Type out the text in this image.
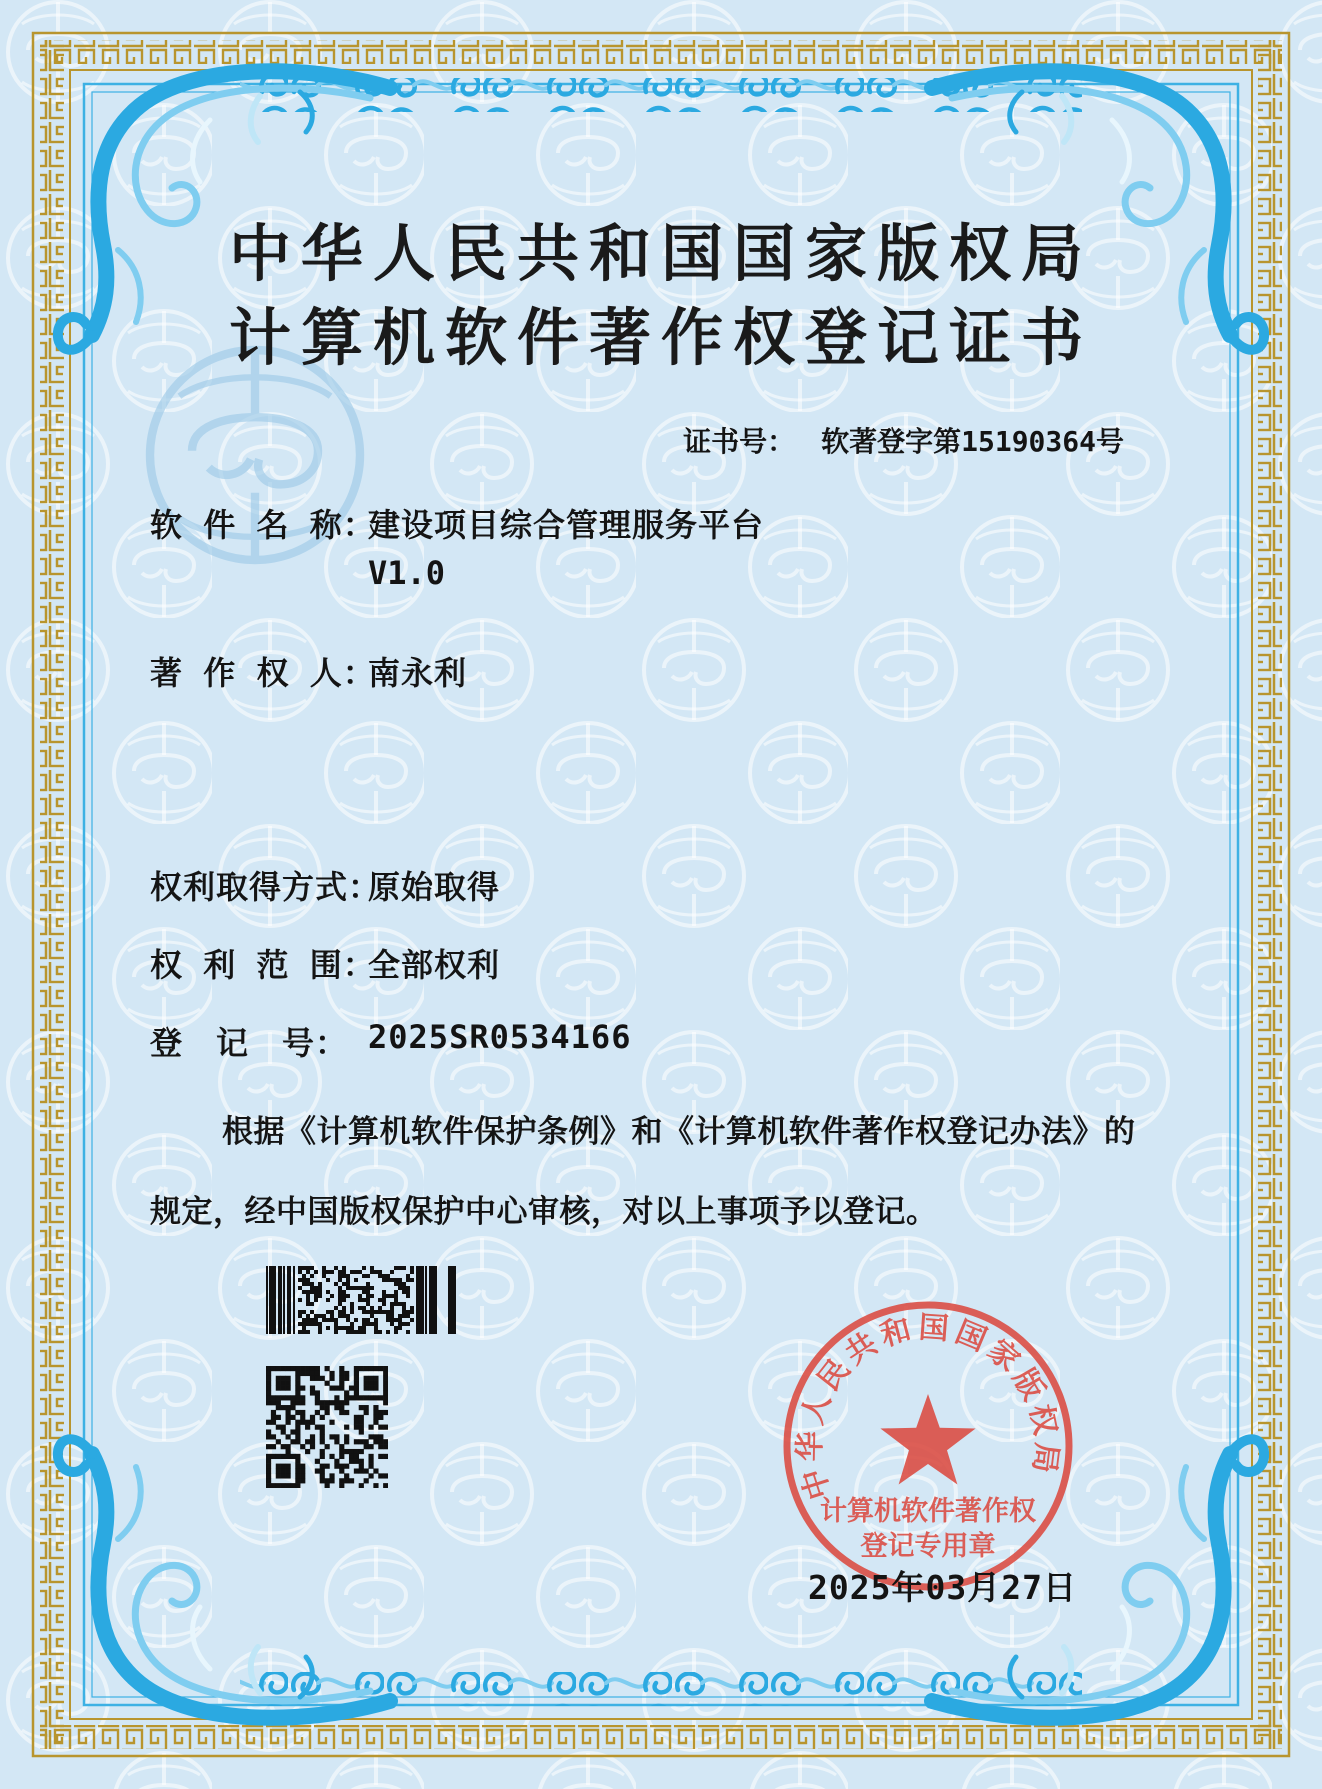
中华人民共和国国家版权局
计算机软件著作权登记证书
证书号： 软著登字第15190364号
软 件 名 称：
建设项目综合管理服务平台
V1.0
著 作 权 人：
南永利
权利取得方式：
原始取得
权 利 范 围：
全部权利
登　记　号： 2025SR0534166
根据《计算机软件保护条例》和《计算机软件著作权登记办法》的
规定，经中国版权保护中心审核，对以上事项予以登记。
中华人民共和国国家版权局
计算机软件著作权
登记专用章
2025年03月27日
